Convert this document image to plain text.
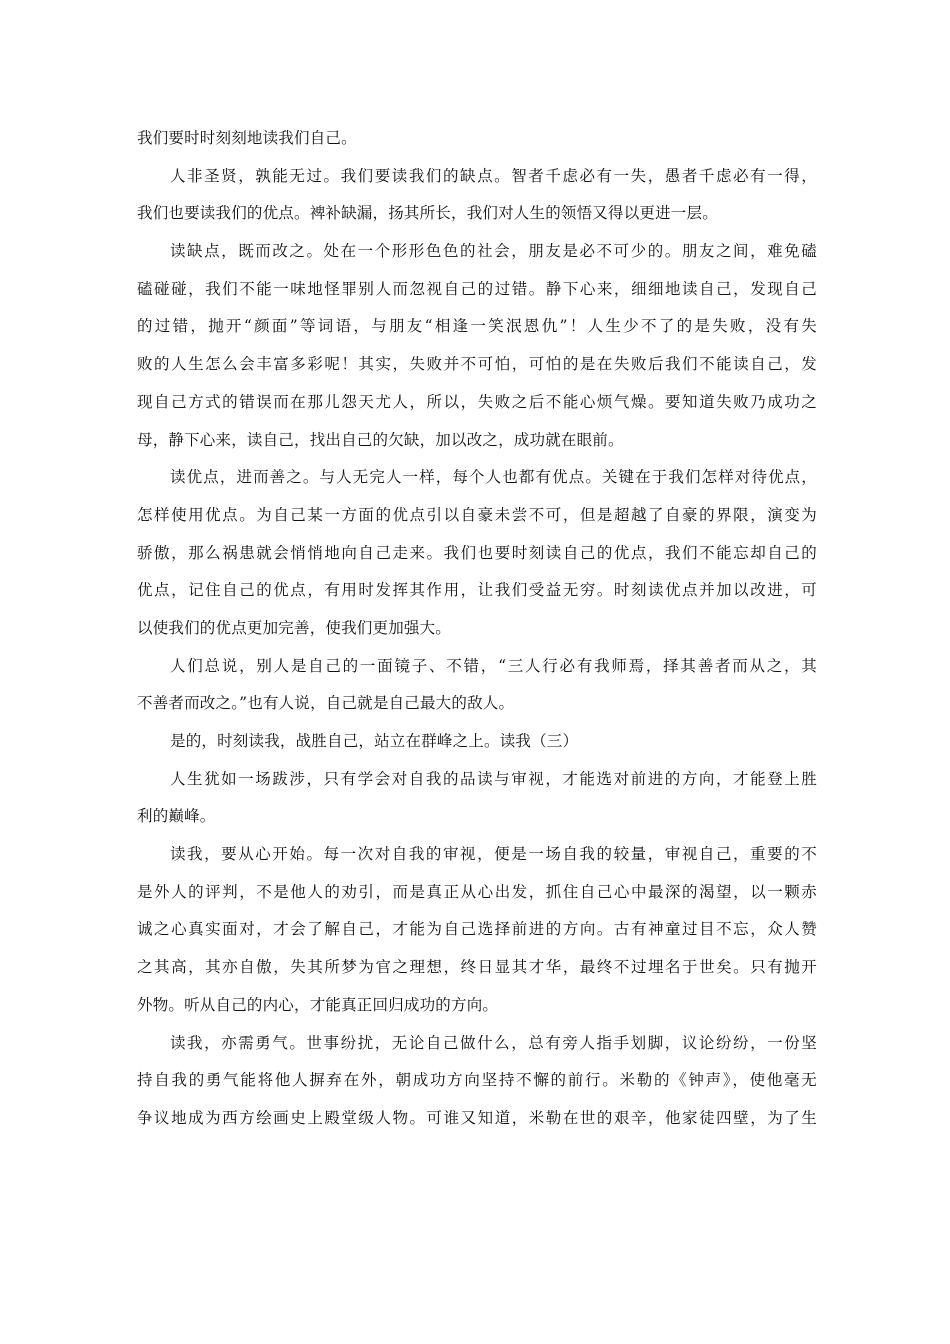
我们要时时刻刻地读我们自己。
人非圣贤，孰能无过。我们要读我们的缺点。智者千虑必有一失，愚者千虑必有一得，
我们也要读我们的优点。裨补缺漏，扬其所长，我们对人生的领悟又得以更进一层。
读缺点，既而改之。处在一个形形色色的社会，朋友是必不可少的。朋友之间，难免磕
磕碰碰，我们不能一味地怪罪别人而忽视自己的过错。静下心来，细细地读自己，发现自己
的过错，抛开“颜面”等词语，与朋友“相逢一笑泯恩仇”！人生少不了的是失败，没有失
败的人生怎么会丰富多彩呢！其实，失败并不可怕，可怕的是在失败后我们不能读自己，发
现自己方式的错误而在那儿怨天尤人，所以，失败之后不能心烦气燥。要知道失败乃成功之
母，静下心来，读自己，找出自己的欠缺，加以改之，成功就在眼前。
读优点，进而善之。与人无完人一样，每个人也都有优点。关键在于我们怎样对待优点，
怎样使用优点。为自己某一方面的优点引以自豪未尝不可，但是超越了自豪的界限，演变为
骄傲，那么祸患就会悄悄地向自己走来。我们也要时刻读自己的优点，我们不能忘却自己的
优点，记住自己的优点，有用时发挥其作用，让我们受益无穷。时刻读优点并加以改进，可
以使我们的优点更加完善，使我们更加强大。
人们总说，别人是自己的一面镜子、不错，“三人行必有我师焉，择其善者而从之，其
不善者而改之。”也有人说，自己就是自己最大的敌人。
是的，时刻读我，战胜自己，站立在群峰之上。读我（三）
人生犹如一场跋涉，只有学会对自我的品读与审视，才能选对前进的方向，才能登上胜
利的巅峰。
读我，要从心开始。每一次对自我的审视，便是一场自我的较量，审视自己，重要的不
是外人的评判，不是他人的劝引，而是真正从心出发，抓住自己心中最深的渴望，以一颗赤
诚之心真实面对，才会了解自己，才能为自己选择前进的方向。古有神童过目不忘，众人赞
之其高，其亦自傲，失其所梦为官之理想，终日显其才华，最终不过埋名于世矣。只有抛开
外物。听从自己的内心，才能真正回归成功的方向。
读我，亦需勇气。世事纷扰，无论自己做什么，总有旁人指手划脚，议论纷纷，一份坚
持自我的勇气能将他人摒弃在外，朝成功方向坚持不懈的前行。米勒的《钟声》，使他毫无
争议地成为西方绘画史上殿堂级人物。可谁又知道，米勒在世的艰辛，他家徒四壁，为了生
